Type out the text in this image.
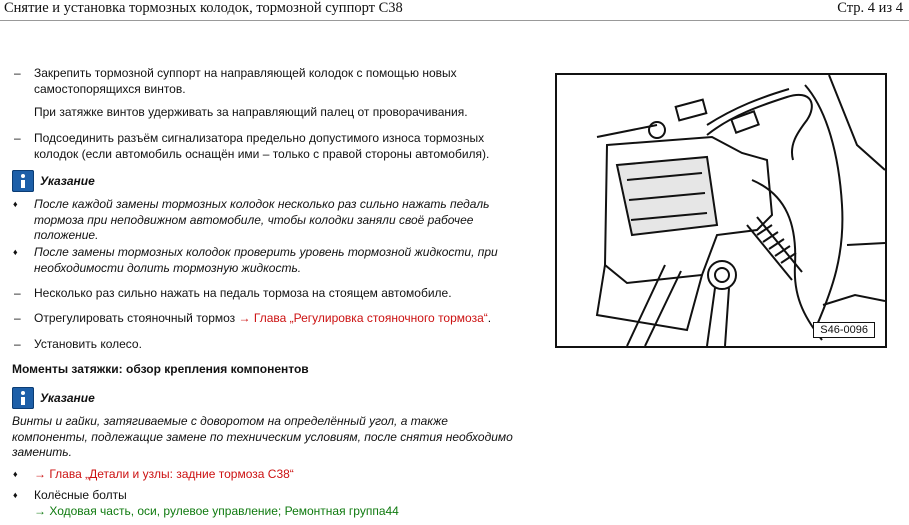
Снятие и установка тормозных колодок, тормозной суппорт С38	Стр. 4 из 4
– Закрепить тормозной суппорт на направляющей колодок с помощью новых
самостопорящихся винтов.
При затяжке винтов удерживать за направляющий палец от проворачивания.
– Подсоединить разъём сигнализатора предельно допустимого износа тормозных
колодок (если автомобиль оснащён ими – только с правой стороны автомобиля).
Указание
♦ После каждой замены тормозных колодок несколько раз сильно нажать педаль
тормоза при неподвижном автомобиле, чтобы колодки заняли своё рабочее
положение.
♦ После замены тормозных колодок проверить уровень тормозной жидкости, при
необходимости долить тормозную жидкость.
– Несколько раз сильно нажать на педаль тормоза на стоящем автомобиле.
– Отрегулировать стояночный тормоз → Глава „Регулировка стояночного тормоза“.
– Установить колесо.
Моменты затяжки: обзор крепления компонентов
Указание
Винты и гайки, затягиваемые с доворотом на определённый угол, а также
компоненты, подлежащие замене по техническим условиям, после снятия необходимо
заменить.
♦ → Глава „Детали и узлы: задние тормоза С38“
♦ Колёсные болты
→ Ходовая часть, оси, рулевое управление; Ремонтная группа44
S46-0096
